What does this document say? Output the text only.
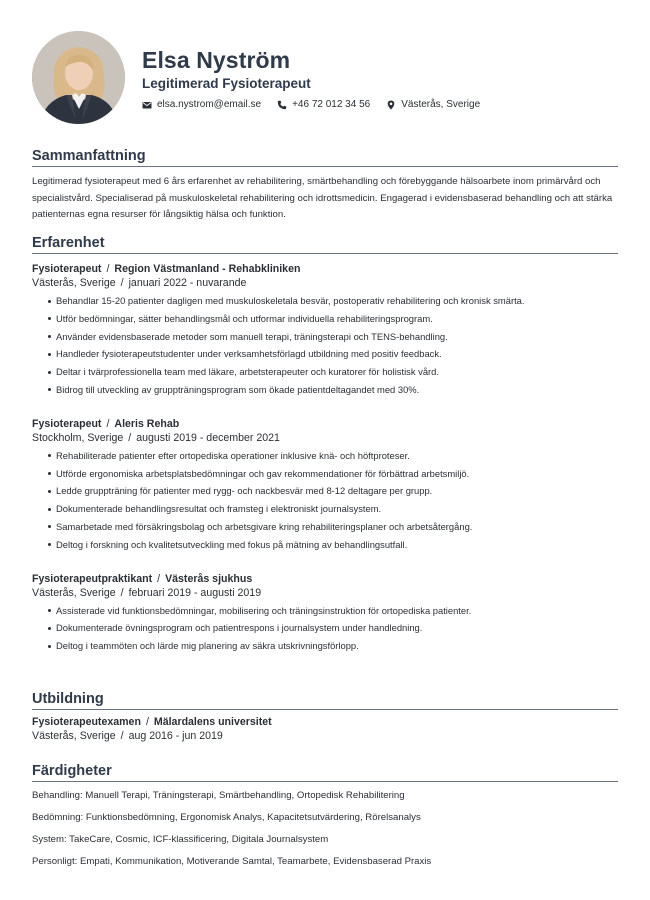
Elsa Nyström
Legitimerad Fysioterapeut
elsa.nystrom@email.se	+46 72 012 34 56	Västerås, Sverige
Sammanfattning
Legitimerad fysioterapeut med 6 års erfarenhet av rehabilitering, smärtbehandling och förebyggande hälsoarbete inom primärvård och specialistvård. Specialiserad på muskuloskeletal rehabilitering och idrottsmedicin. Engagerad i evidensbaserad behandling och att stärka patienternas egna resurser för långsiktig hälsa och funktion.
Erfarenhet
Fysioterapeut / Region Västmanland - Rehabkliniken
Västerås, Sverige / januari 2022 - nuvarande
Behandlar 15-20 patienter dagligen med muskuloskeletala besvär, postoperativ rehabilitering och kronisk smärta.
Utför bedömningar, sätter behandlingsmål och utformar individuella rehabiliteringsprogram.
Använder evidensbaserade metoder som manuell terapi, träningsterapi och TENS-behandling.
Handleder fysioterapeutstudenter under verksamhetsförlagd utbildning med positiv feedback.
Deltar i tvärprofessionella team med läkare, arbetsterapeuter och kuratorer för holistisk vård.
Bidrog till utveckling av gruppträningsprogram som ökade patientdeltagandet med 30%.
Fysioterapeut / Aleris Rehab
Stockholm, Sverige / augusti 2019 - december 2021
Rehabiliterade patienter efter ortopediska operationer inklusive knä- och höftproteser.
Utförde ergonomiska arbetsplatsbedömningar och gav rekommendationer för förbättrad arbetsmiljö.
Ledde gruppträning för patienter med rygg- och nackbesvär med 8-12 deltagare per grupp.
Dokumenterade behandlingsresultat och framsteg i elektroniskt journalsystem.
Samarbetade med försäkringsbolag och arbetsgivare kring rehabiliteringsplaner och arbetsåtergång.
Deltog i forskning och kvalitetsutveckling med fokus på mätning av behandlingsutfall.
Fysioterapeutpraktikant / Västerås sjukhus
Västerås, Sverige / februari 2019 - augusti 2019
Assisterade vid funktionsbedömningar, mobilisering och träningsinstruktion för ortopediska patienter.
Dokumenterade övningsprogram och patientrespons i journalsystem under handledning.
Deltog i teammöten och lärde mig planering av säkra utskrivningsförlopp.
Utbildning
Fysioterapeutexamen / Mälardalens universitet
Västerås, Sverige / aug 2016 - jun 2019
Färdigheter
Behandling: Manuell Terapi, Träningsterapi, Smärtbehandling, Ortopedisk Rehabilitering
Bedömning: Funktionsbedömning, Ergonomisk Analys, Kapacitetsutvärdering, Rörelsanalys
System: TakeCare, Cosmic, ICF-klassificering, Digitala Journalsystem
Personligt: Empati, Kommunikation, Motiverande Samtal, Teamarbete, Evidensbaserad Praxis
